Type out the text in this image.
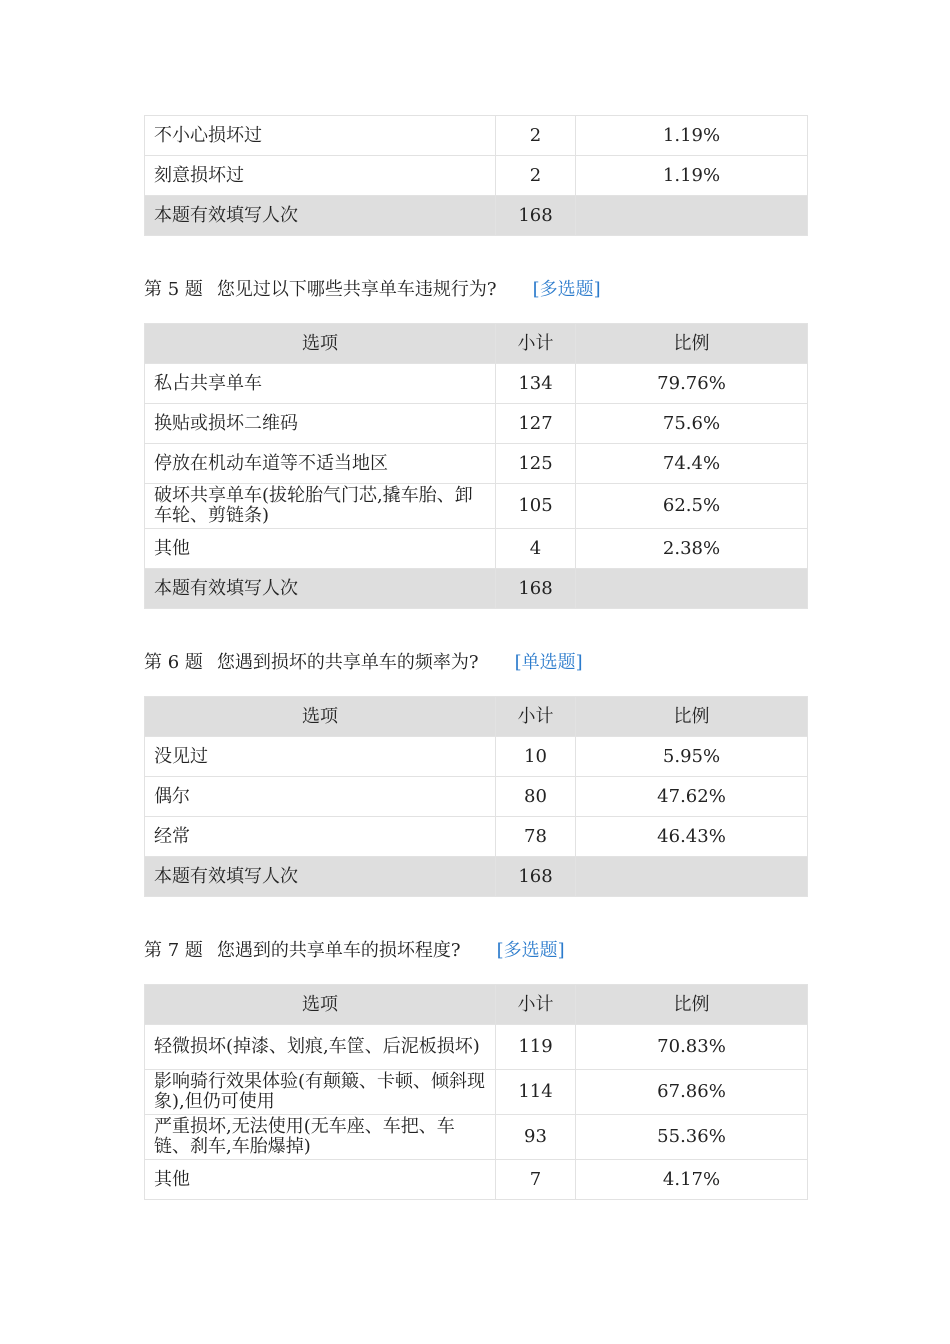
不小心损坏过	2	1.19%
刻意损坏过	2	1.19%
本题有效填写人次	168	
第 5 题 您见过以下哪些共享单车违规行为? [多选题]
选项	小计	比例
私占共享单车	134	79.76%
换贴或损坏二维码	127	75.6%
停放在机动车道等不适当地区	125	74.4%
破坏共享单车(拔轮胎气门芯,撬车胎、卸车轮、剪链条)	105	62.5%
其他	4	2.38%
本题有效填写人次	168	
第 6 题 您遇到损坏的共享单车的频率为? [单选题]
选项	小计	比例
没见过	10	5.95%
偶尔	80	47.62%
经常	78	46.43%
本题有效填写人次	168	
第 7 题 您遇到的共享单车的损坏程度? [多选题]
选项	小计	比例
轻微损坏(掉漆、划痕,车筐、后泥板损坏)	119	70.83%
影响骑行效果体验(有颠簸、卡顿、倾斜现象),但仍可使用	114	67.86%
严重损坏,无法使用(无车座、车把、车链、刹车,车胎爆掉)	93	55.36%
其他	7	4.17%
